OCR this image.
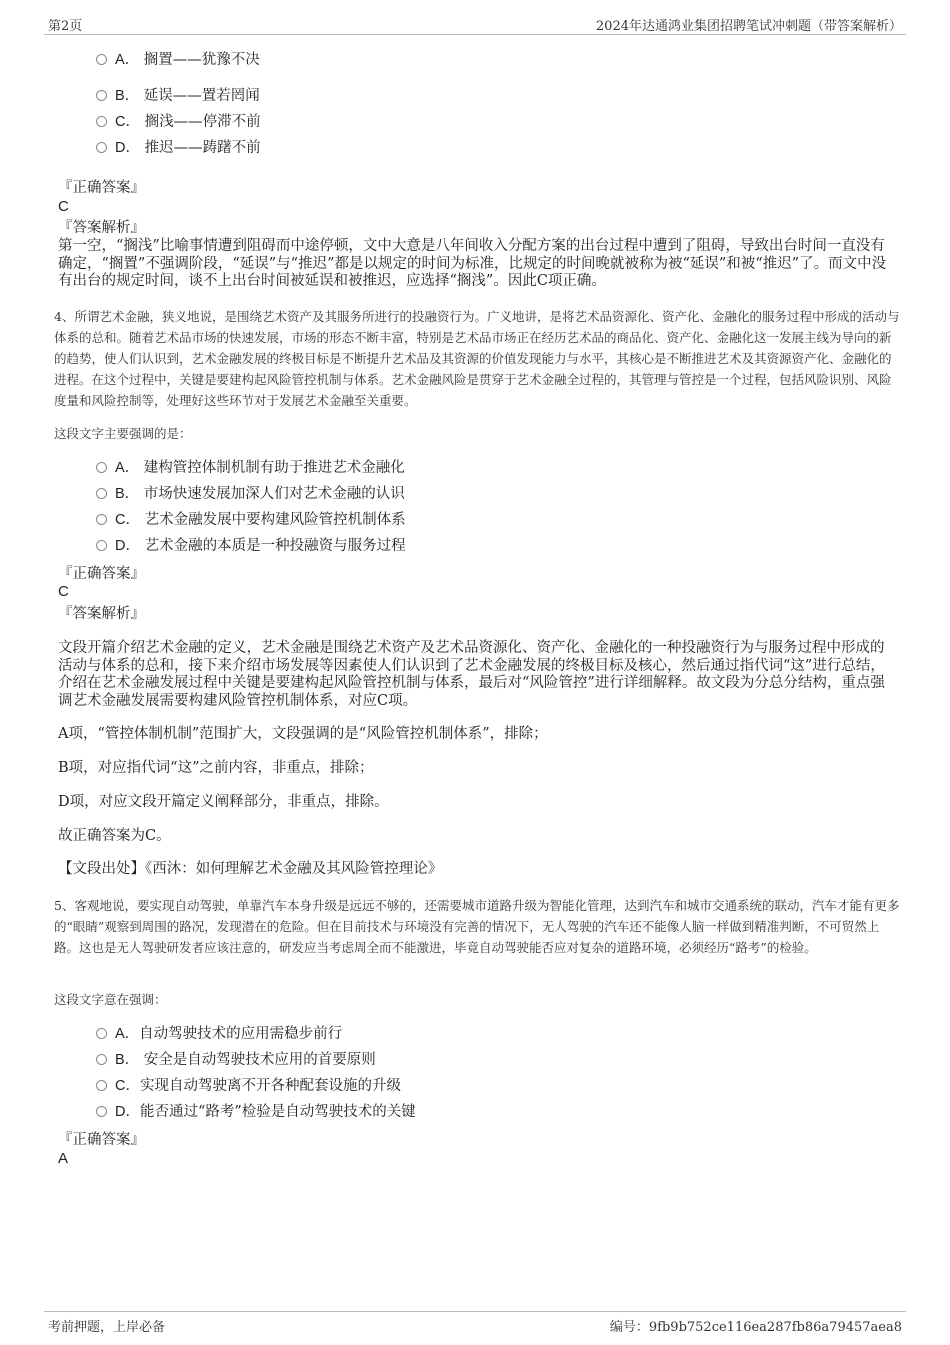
第2页	2024年达通鸿业集团招聘笔试冲刺题（带答案解析）
A． 搁置——犹豫不决
B． 延误——置若罔闻
C． 搁浅——停滞不前
D． 推迟——踌躇不前
『正确答案』
C
『答案解析』
第一空，“搁浅”比喻事情遭到阻碍而中途停顿，文中大意是八年间收入分配方案的出台过程中遭到了阻碍，导致出台时间一直没有确定，“搁置”不强调阶段，“延误”与“推迟”都是以规定的时间为标准，比规定的时间晚就被称为被“延误”和被“推迟”了。而文中没有出台的规定时间，谈不上出台时间被延误和被推迟，应选择“搁浅”。因此C项正确。
4、所谓艺术金融，狭义地说，是围绕艺术资产及其服务所进行的投融资行为。广义地讲，是将艺术品资源化、资产化、金融化的服务过程中形成的活动与体系的总和。随着艺术品市场的快速发展，市场的形态不断丰富，特别是艺术品市场正在经历艺术品的商品化、资产化、金融化这一发展主线为导向的新的趋势，使人们认识到，艺术金融发展的终极目标是不断提升艺术品及其资源的价值发现能力与水平，其核心是不断推进艺术及其资源资产化、金融化的进程。在这个过程中，关键是要建构起风险管控机制与体系。艺术金融风险是贯穿于艺术金融全过程的，其管理与管控是一个过程，包括风险识别、风险度量和风险控制等，处理好这些环节对于发展艺术金融至关重要。
这段文字主要强调的是：
A． 建构管控体制机制有助于推进艺术金融化
B． 市场快速发展加深人们对艺术金融的认识
C． 艺术金融发展中要构建风险管控机制体系
D． 艺术金融的本质是一种投融资与服务过程
『正确答案』
C
『答案解析』
文段开篇介绍艺术金融的定义，艺术金融是围绕艺术资产及艺术品资源化、资产化、金融化的一种投融资行为与服务过程中形成的活动与体系的总和，接下来介绍市场发展等因素使人们认识到了艺术金融发展的终极目标及核心，然后通过指代词“这”进行总结，介绍在艺术金融发展过程中关键是要建构起风险管控机制与体系，最后对“风险管控”进行详细解释。故文段为分总分结构，重点强调艺术金融发展需要构建风险管控机制体系，对应C项。
A项，“管控体制机制”范围扩大，文段强调的是“风险管控机制体系”，排除；
B项，对应指代词“这”之前内容，非重点，排除；
D项，对应文段开篇定义阐释部分，非重点，排除。
故正确答案为C。
【文段出处】《西沐：如何理解艺术金融及其风险管控理论》
5、客观地说，要实现自动驾驶，单靠汽车本身升级是远远不够的，还需要城市道路升级为智能化管理，达到汽车和城市交通系统的联动，汽车才能有更多的“眼睛”观察到周围的路况，发现潜在的危险。但在目前技术与环境没有完善的情况下，无人驾驶的汽车还不能像人脑一样做到精准判断，不可贸然上路。这也是无人驾驶研发者应该注意的，研发应当考虑周全而不能激进，毕竟自动驾驶能否应对复杂的道路环境，必须经历“路考”的检验。
这段文字意在强调：
A．自动驾驶技术的应用需稳步前行
B． 安全是自动驾驶技术应用的首要原则
C．实现自动驾驶离不开各种配套设施的升级
D．能否通过“路考”检验是自动驾驶技术的关键
『正确答案』
A
考前押题，上岸必备	编号：9fb9b752ce116ea287fb86a79457aea8
